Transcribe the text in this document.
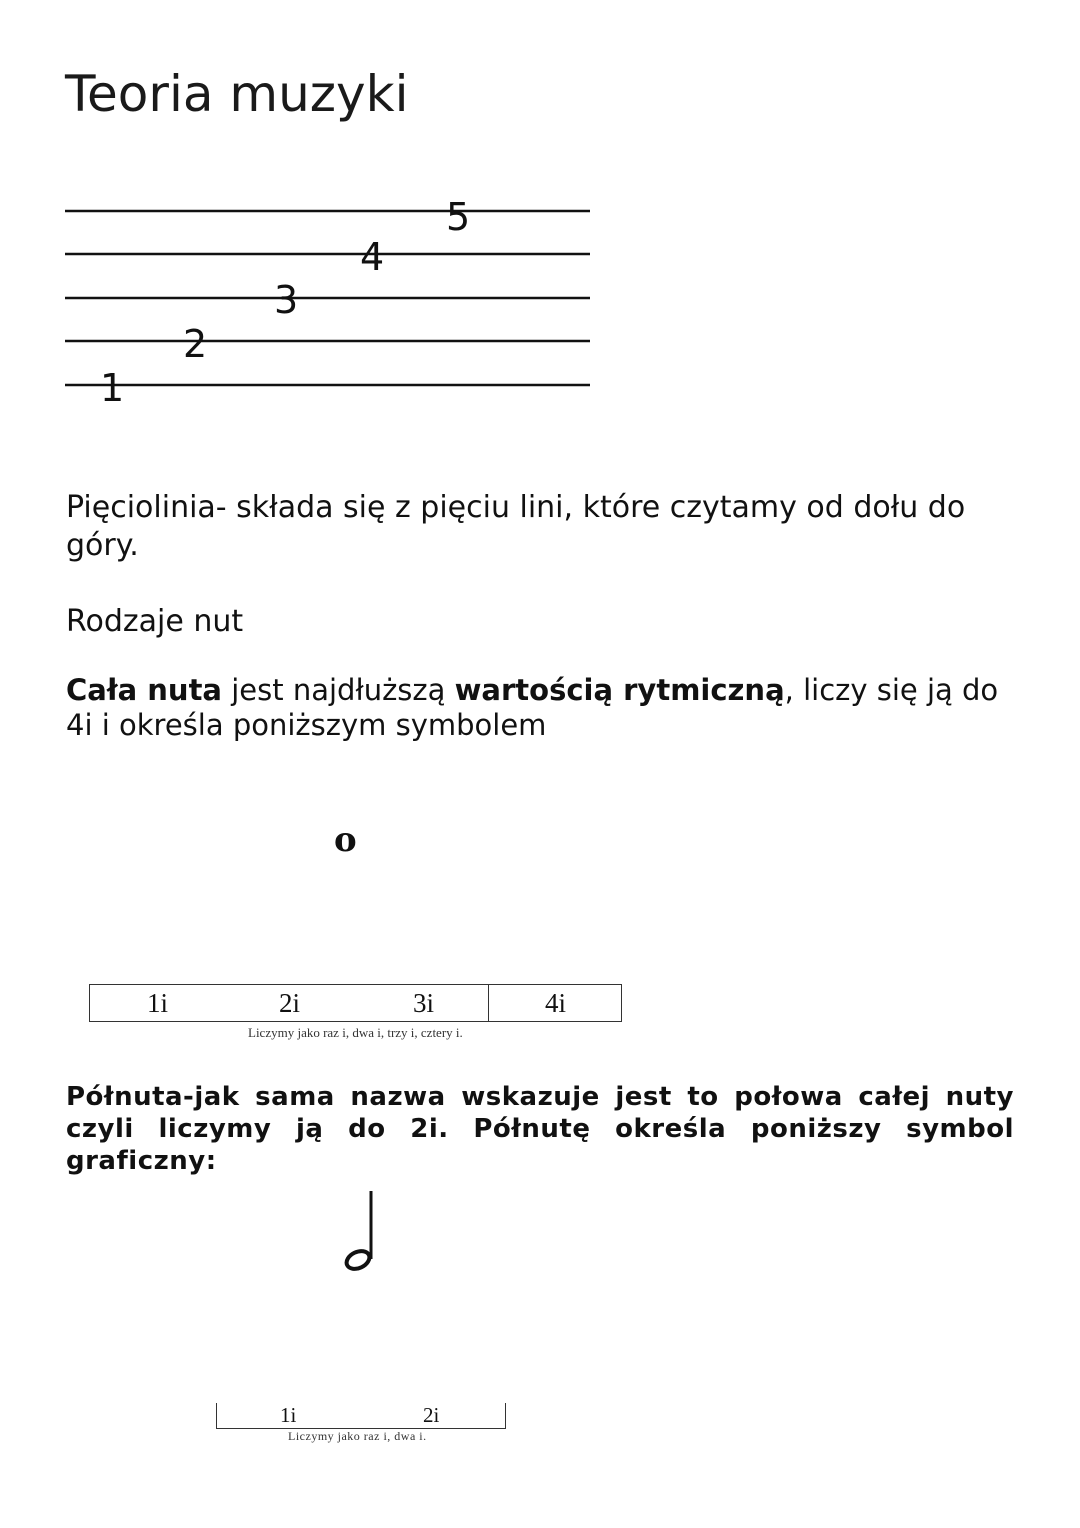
Teoria muzyki
1
2
3
4
5
Pięciolinia- składa się z pięciu lini, które czytamy od dołu do góry.
Rodzaje nut
Cała nuta jest najdłuższą wartością rytmiczną, liczy się ją do 4i i określa poniższym symbolem
o
1i	2i	3i	4i
Liczymy jako raz i, dwa i, trzy i, cztery i.
Półnuta-jak sama nazwa wskazuje jest to połowa całej nuty czyli liczymy ją do 2i. Półnutę określa poniższy symbol graficzny:
1i	2i
Liczymy jako raz i, dwa i.
